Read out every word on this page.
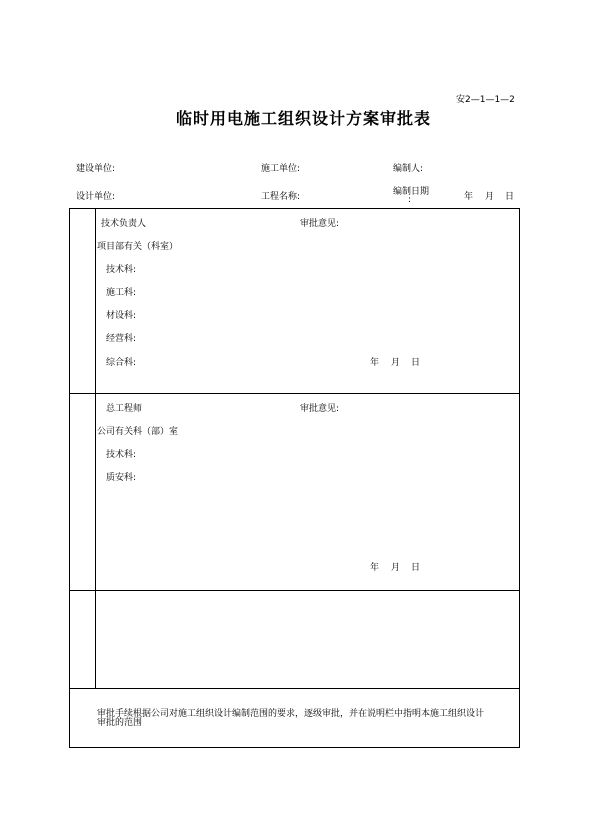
安2—1—1—2
临时用电施工组织设计方案审批表
建设单位:	施工单位:	编制人:
设计单位:	工程名称:	编制日期
:	年 月 日
技术负责人	审批意见:
项目部有关（科室）
技术科:
施工科:
材设科:
经营科:
综合科:	年 月 日
总工程师	审批意见:
公司有关科（部）室
技术科:
质安科:
年 月 日
审批手续根据公司对施工组织设计编制范围的要求，逐级审批，并在说明栏中指明本施工组织设计
审批的范围
